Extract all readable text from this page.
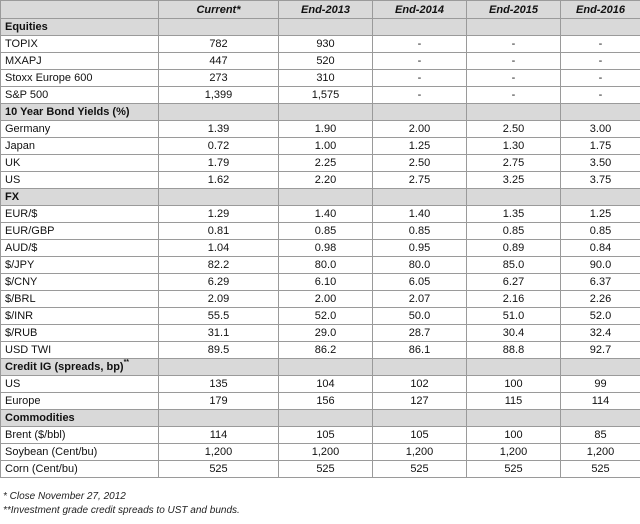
	Current*	End-2013	End-2014	End-2015	End-2016
Equities					
TOPIX	782	930	-	-	-
MXAPJ	447	520	-	-	-
Stoxx Europe 600	273	310	-	-	-
S&P 500	1,399	1,575	-	-	-
10 Year Bond Yields (%)					
Germany	1.39	1.90	2.00	2.50	3.00
Japan	0.72	1.00	1.25	1.30	1.75
UK	1.79	2.25	2.50	2.75	3.50
US	1.62	2.20	2.75	3.25	3.75
FX					
EUR/$	1.29	1.40	1.40	1.35	1.25
EUR/GBP	0.81	0.85	0.85	0.85	0.85
AUD/$	1.04	0.98	0.95	0.89	0.84
$/JPY	82.2	80.0	80.0	85.0	90.0
$/CNY	6.29	6.10	6.05	6.27	6.37
$/BRL	2.09	2.00	2.07	2.16	2.26
$/INR	55.5	52.0	50.0	51.0	52.0
$/RUB	31.1	29.0	28.7	30.4	32.4
USD TWI	89.5	86.2	86.1	88.8	92.7
Credit IG (spreads, bp)**					
US	135	104	102	100	99
Europe	179	156	127	115	114
Commodities					
Brent ($/bbl)	114	105	105	100	85
Soybean (Cent/bu)	1,200	1,200	1,200	1,200	1,200
Corn (Cent/bu)	525	525	525	525	525
* Close November 27, 2012
**Investment grade credit spreads to UST and bunds.
